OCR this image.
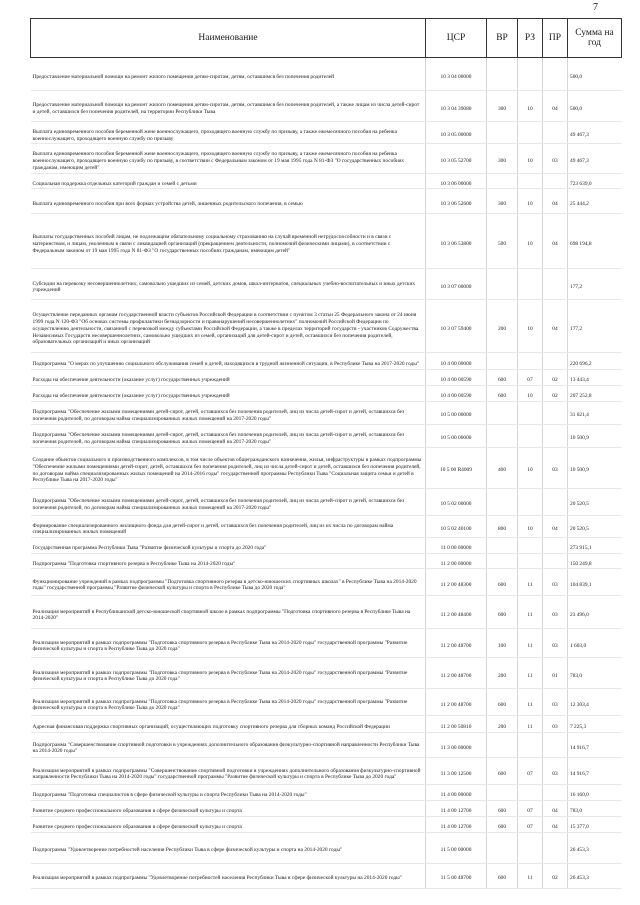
7
Наименование	ЦСР	ВР	РЗ	ПР	Сумма на год

Предоставление материальной помощи на ремонт жилого помещения детям-сиротам, детям, оставшимся без попечения родителей	10 3 04 00000				500,0

Предоставление материальной помощи на ремонт жилого помещения детям-сиротам, детям, оставшимся без попечения родителей, а также лицам из числа детей-сирот и детей, оставшихся без попечения родителей, на территории Республики Тыва	10 3 04 39080	300	10	04	500,0

Выплата единовременного пособия беременной жене военнослужащего, проходящего военную службу по призыву, а также ежемесячного пособия на ребенка военнослужащего, проходящего военную службу по призыву	10 3 05 00000				49 467,3

Выплата единовременного пособия беременной жене военнослужащего, проходящего военную службу по призыву, а также ежемесячного пособия на ребенка военнослужащего, проходящего военную службу по призыву, в соответствии с Федеральным законом от 19 мая 1995 года N 81-ФЗ "О государственных пособиях гражданам, имеющим детей"	10 3 05 52700	300	10	03	49 467,3

Социальная поддержка отдельных категорий граждан и семей с детьми	10 3 06 00000				723 639,0

Выплата единовременного пособия при всех формах устройства детей, лишенных родительского попечения, в семью	10 3 06 52600	300	10	04	25 444,2

Выплаты государственных пособий лицам, не подлежащим обязательному социальному страхованию на случай временной нетрудоспособности и в связи с материнством, и лицам, уволенным в связи с ликвидацией организаций (прекращением деятельности, полномочий физическими лицами), в соответствии с Федеральным законом от 19 мая 1995 года N 81-ФЗ "О государственных пособиях гражданам, имеющим детей"	10 3 06 53800	500	10	04	698 194,8

Субсидии на перевозку несовершеннолетних, самовольно ушедших из семей, детских домов, школ-интернатов, специальных учебно-воспитательных и иных детских учреждений	10 3 07 00000				177,2

Осуществление переданных органам государственной власти субъектов Российской Федерации в соответствии с пунктом 3 статьи 25 Федерального закона от 24 июня 1999 года N 120-ФЗ "Об основах системы профилактики безнадзорности и правонарушений несовершеннолетних" полномочий Российской Федерации по осуществлению деятельности, связанной с перевозкой между субъектами Российской Федерации, а также в пределах территорий государств - участников Содружества Независимых Государств несовершеннолетних, самовольно ушедших из семей, организаций для детей-сирот и детей, оставшихся без попечения родителей, образовательных организаций и иных организаций	10 3 07 59400	200	10	04	177,2

Подпрограмма "О мерах по улучшению социального обслуживания семей и детей, находящихся в трудной жизненной ситуации, в Республике Тыва на 2017-2020 годы"	10 4 00 00000				220 696,2

Расходы на обеспечение деятельности (оказание услуг) государственных учреждений	10 4 00 00590	600	07	02	13 443,4

Расходы на обеспечение деятельности (оказание услуг) государственных учреждений	10 4 00 00590	600	10	02	207 252,8

Подпрограмма "Обеспечение жилыми помещениями детей-сирот, детей, оставшихся без попечения родителей, лиц из числа детей-сирот и детей, оставшихся без попечения родителей, по договорам найма специализированных жилых помещений на 2017-2020 годы"	10 5 00 00000				31 021,4

Подпрограмма "Обеспечение жилыми помещениями детей-сирот, детей, оставшихся без попечения родителей, лиц из числа детей-сирот и детей, оставшихся без попечения родителей, по договорам найма специализированных жилых помещений на 2017-2020 годы"	10 5 00 00000				10 500,9

Создание объектов социального и производственного комплексов, в том числе объектов общегражданского назначения, жилья, инфраструктуры в рамках подпрограммы "Обеспечение жилыми помещениями детей-сирот, детей, оставшихся без попечения родителей, лиц из числа детей-сирот и детей, оставшихся без попечения родителей, по договорам найма специализированных жилых помещений на 2014-2016 годы" государственной программы Республики Тыва "Социальная защита семьи и детей в Республике Тыва на 2017-2020 годы"	10 5 00 R4009	400	10	03	10 500,9

Подпрограмма "Обеспечение жилыми помещениями детей-сирот, детей, оставшихся без попечения родителей, лиц из числа детей-сирот и детей, оставшихся без попечения родителей, по договорам найма специализированных жилых помещений на 2017-2020 годы"	10 5 02 00000				20 520,5

Формирование специализированного жилищного фонда для детей-сирот и детей, оставшихся без попечения родителей, лиц из их числа по договорам найма специализированных жилых помещений	10 5 02 40100	800	10	04	20 520,5

Государственная программа Республики Тыва "Развитие физической культуры и спорта до 2020 года"	11 0 00 00000				273 915,1

Подпрограмма "Подготовка спортивного резерва в Республике Тыва на 2014-2020 годы"	11 2 00 00000				150 249,8

Функционирование учреждений в рамках подпрограммы "Подготовка спортивного резерва в детско-юношеских спортивных школах" в Республике Тыва на 2014-2020 годы" государственной программы "Развитие физической культуры и спорта в Республике Тыва до 2020 года"	11 2 00 48300	600	11	03	104 839,1

Реализация мероприятий в Республиканской детско-юношеской спортивной школе в рамках подпрограммы "Подготовка спортивного резерва в Республике Тыва на 2014-2020"	11 2 00 48400	600	11	03	23 496,0

Реализация мероприятий в рамках подпрограммы "Подготовка спортивного резерва в Республике Тыва на 2014-2020 годы" государственной программы "Развитие физической культуры и спорта в Республике Тыва до 2020 года"	11 2 00 48700	100	11	03	1 603,0

Реализация мероприятий в рамках подпрограммы "Подготовка спортивного резерва в Республике Тыва на 2014-2020 годы" государственной программы "Развитие физической культуры и спорта в Республике Тыва до 2020 года"	11 2 00 48700	200	11	01	783,0

Реализация мероприятий в рамках подпрограммы "Подготовка спортивного резерва в Республике Тыва на 2014-2020 годы" государственной программы "Развитие физической культуры и спорта в Республике Тыва до 2020 года"	11 2 00 48700	600	11	03	12 303,4

Адресная финансовая поддержка спортивных организаций, осуществляющих подготовку спортивного резерва для сборных команд Российской Федерации	11 2 00 50810	200	11	03	7 225,3

Подпрограмма "Совершенствование спортивной подготовки в учреждениях дополнительного образования физкультурно-спортивной направленности Республики Тыва на 2014-2020 годы"	11 3 00 00000				14 916,7

Реализация мероприятий в рамках подпрограммы "Совершенствование спортивной подготовки в учреждениях дополнительного образования физкультурно-спортивной направленности Республики Тыва на 2014-2020 годы" государственной программы "Развитие физической культуры и спорта в Республике Тыва до 2020 года"	11 3 00 12500	600	07	03	14 916,7

Подпрограмма "Подготовка специалистов в сфере физической культуры и спорта Республики Тыва на 2014-2020 годы"	11 4 00 00000				16 160,0

Развитие среднего профессионального образования в сфере физической культуры и спорта	11 4 00 12700	600	07	04	783,0

Развитие среднего профессионального образования в сфере физической культуры и спорта	11 4 00 12700	600	07	04	15 377,0

Подпрограмма "Удовлетворение потребностей населения Республики Тыва в сфере физической культуры и спорта на 2014-2020 годы"	11 5 00 00000				26 453,3

Реализация мероприятий в рамках подпрограммы "Удовлетворение потребностей населения Республики Тыва в сфере физической культуры на 2014-2020 годы"	11 5 00 48700	600	11	02	26 453,3
